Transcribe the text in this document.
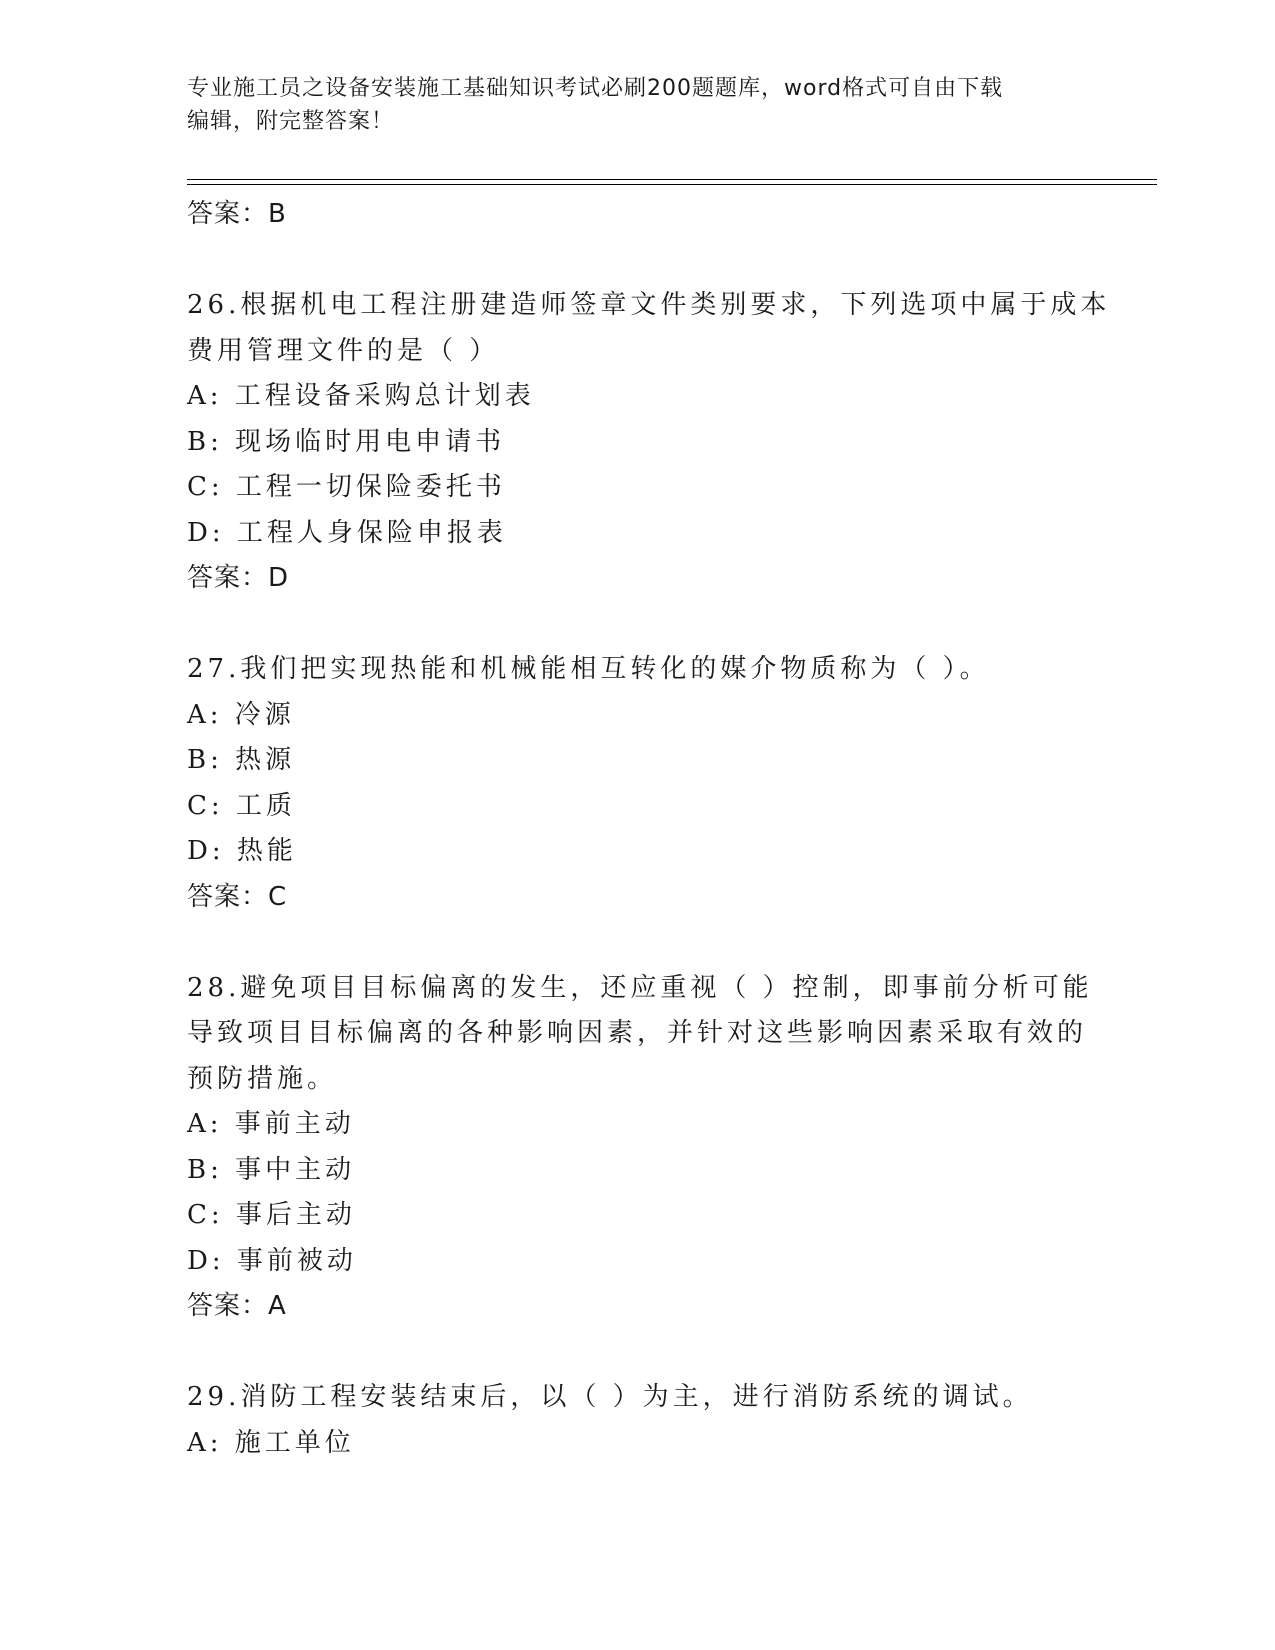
专业施工员之设备安装施工基础知识考试必刷200题题库，word格式可自由下载
编辑，附完整答案！
答案：B
26.根据机电工程注册建造师签章文件类别要求，下列选项中属于成本
费用管理文件的是（ ）
A: 工程设备采购总计划表
B: 现场临时用电申请书
C: 工程一切保险委托书
D: 工程人身保险申报表
答案：D
27.我们把实现热能和机械能相互转化的媒介物质称为（ ）。
A: 冷源
B: 热源
C: 工质
D: 热能
答案：C
28.避免项目目标偏离的发生，还应重视（ ）控制，即事前分析可能
导致项目目标偏离的各种影响因素，并针对这些影响因素采取有效的
预防措施。
A: 事前主动
B: 事中主动
C: 事后主动
D: 事前被动
答案：A
29.消防工程安装结束后，以（ ）为主，进行消防系统的调试。
A: 施工单位
